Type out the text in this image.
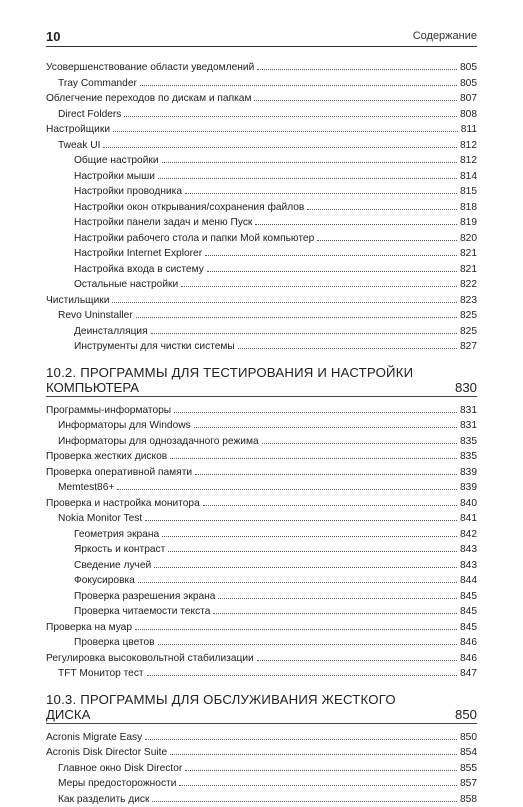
10	Содержание
Усовершенствование области уведомлений	805
Tray Commander	805
Облегчение переходов по дискам и папкам	807
Direct Folders	808
Настройщики	811
Tweak UI	812
Общие настройки	812
Настройки мыши	814
Настройки проводника	815
Настройки окон открывания/сохранения файлов	818
Настройки панели задач и меню Пуск	819
Настройки рабочего стола и папки Мой компьютер	820
Настройки Internet Explorer	821
Настройка входа в систему	821
Остальные настройки	822
Чистильщики	823
Revo Uninstaller	825
Деинсталляция	825
Инструменты для чистки системы	827
10.2. ПРОГРАММЫ ДЛЯ ТЕСТИРОВАНИЯ И НАСТРОЙКИ
КОМПЬЮТЕРА	830
Программы-информаторы	831
Информаторы для Windows	831
Информаторы для однозадачного режима	835
Проверка жестких дисков	835
Проверка оперативной памяти	839
Memtest86+	839
Проверка и настройка монитора	840
Nokia Monitor Test	841
Геометрия экрана	842
Яркость и контраст	843
Сведение лучей	843
Фокусировка	844
Проверка разрешения экрана	845
Проверка читаемости текста	845
Проверка на муар	845
Проверка цветов	846
Регулировка высоковольтной стабилизации	846
TFT Монитор тест	847
10.3. ПРОГРАММЫ ДЛЯ ОБСЛУЖИВАНИЯ ЖЕСТКОГО
ДИСКА	850
Acronis Migrate Easy	850
Acronis Disk Director Suite	854
Главное окно Disk Director	855
Меры предосторожности	857
Как разделить диск	858
